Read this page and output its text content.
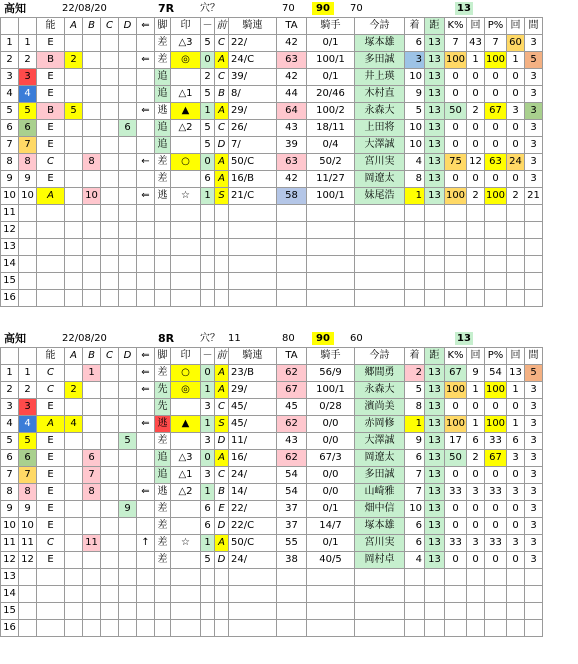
高知	22/08/20	7R	穴？	70	90	70	13
		能	A	B	C	D	⇐	脚	印	－	前	騎連	TA	騎手	今詩	着	距	K%	回	P%	回	間
1	1	E						差	△3	5	C	22/	42	0/1	塚本雄	6	13	7	43	7	60	3
2	2	B	2				⇐	差	◎	0	A	24/C	63	100/1	多田誠	3	13	100	1	100	1	5
3	3	E						追		2	C	39/	42	0/1	井上瑛	10	13	0	0	0	0	3
4	4	E						追	△1	5	B	8/	44	20/46	木村直	9	13	0	0	0	0	3
5	5	B	5				⇐	逃	▲	1	A	29/	64	100/2	永森大	5	13	50	2	67	3	3
6	6	E				6		追	△2	5	C	26/	43	18/11	上田将	10	13	0	0	0	0	3
7	7	E						追		5	D	7/	39	0/4	大澤誠	10	13	0	0	0	0	3
8	8	C		8			←	差	○	0	A	50/C	63	50/2	宮川実	4	13	75	12	63	24	3
9	9	E						差		6	A	16/B	42	11/27	岡遼太	8	13	0	0	0	0	3
10	10	A		10			⇐	逃	☆	1	S	21/C	58	100/1	妹尾浩	1	13	100	2	100	2	21
11																						
12																						
13																						
14																						
15																						
16																						
高知	22/08/20	8R	穴？ 11	80	90	60	13
		能	A	B	C	D	⇐	脚	印	－	前	騎連	TA	騎手	今詩	着	距	K%	回	P%	回	間
1	1	C		1			⇐	差	○	0	A	23/B	62	56/9	郷間勇	2	13	67	9	54	13	5
2	2	C	2				⇐	先	◎	1	A	29/	67	100/1	永森大	5	13	100	1	100	1	3
3	3	E						先		3	C	45/	45	0/28	濱尚美	8	13	0	0	0	0	3
4	4	A	4				⇐	逃	▲	1	S	45/	62	0/0	赤岡修	1	13	100	1	100	1	3
5	5	E				5		差		3	D	11/	43	0/0	大澤誠	9	13	17	6	33	6	3
6	6	E		6				追	△3	0	A	16/	62	67/3	岡遼太	6	13	50	2	67	3	3
7	7	E		7				追	△1	3	C	24/	54	0/0	多田誠	7	13	0	0	0	0	3
8	8	E		8			⇐	逃	△2	1	B	14/	54	0/0	山崎雅	7	13	33	3	33	3	3
9	9	E				9		差		6	E	22/	37	0/1	畑中信	10	13	0	0	0	0	3
10	10	E						差		6	D	22/C	37	14/7	塚本雄	6	13	0	0	0	0	3
11	11	C		11			↑	差	☆	1	A	50/C	55	0/1	宮川実	6	13	33	3	33	3	3
12	12	E						差		5	D	24/	38	40/5	岡村卓	4	13	0	0	0	0	3
13																						
14																						
15																						
16																						
